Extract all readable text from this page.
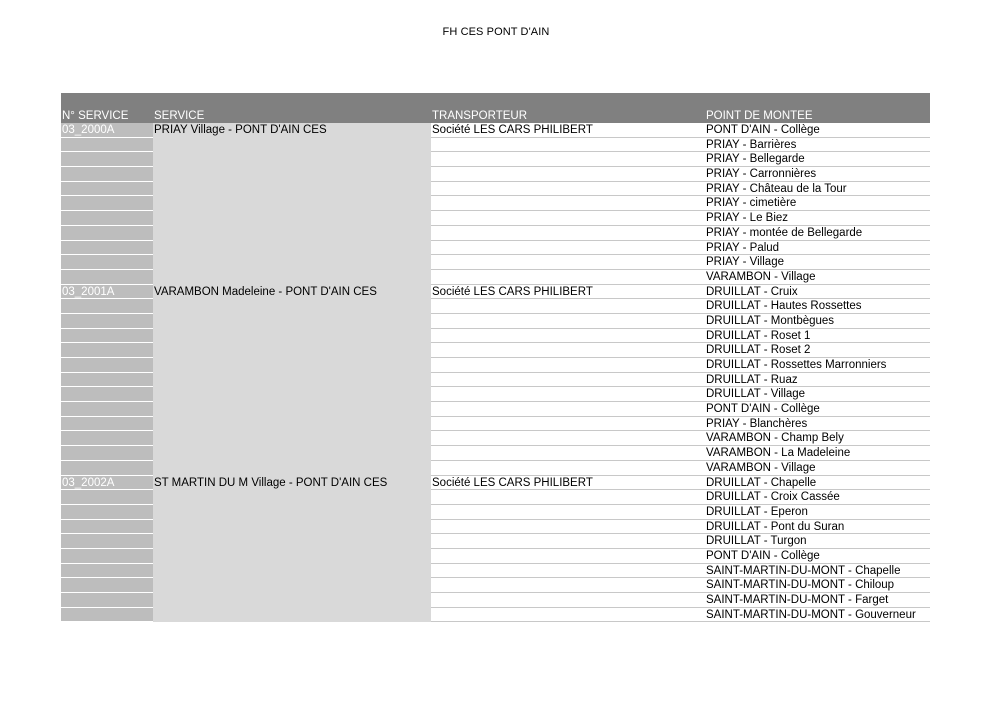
FH CES PONT D'AIN
N° SERVICE	SERVICE	TRANSPORTEUR	POINT DE MONTEE
03_2000A	PRIAY Village - PONT D'AIN CES	Société LES CARS PHILIBERT	PONT D'AIN - Collège
PRIAY - Barrières
PRIAY - Bellegarde
PRIAY - Carronnières
PRIAY - Château de la Tour
PRIAY - cimetière
PRIAY - Le Biez
PRIAY - montée de Bellegarde
PRIAY - Palud
PRIAY - Village
VARAMBON - Village
03_2001A	VARAMBON Madeleine - PONT D'AIN CES	Société LES CARS PHILIBERT	DRUILLAT - Cruix
DRUILLAT - Hautes Rossettes
DRUILLAT - Montbègues
DRUILLAT - Roset 1
DRUILLAT - Roset 2
DRUILLAT - Rossettes Marronniers
DRUILLAT - Ruaz
DRUILLAT - Village
PONT D'AIN - Collège
PRIAY - Blanchères
VARAMBON - Champ Bely
VARAMBON - La Madeleine
VARAMBON - Village
03_2002A	ST MARTIN DU M Village - PONT D'AIN CES	Société LES CARS PHILIBERT	DRUILLAT - Chapelle
DRUILLAT - Croix Cassée
DRUILLAT - Eperon
DRUILLAT - Pont du Suran
DRUILLAT - Turgon
PONT D'AIN - Collège
SAINT-MARTIN-DU-MONT - Chapelle
SAINT-MARTIN-DU-MONT - Chiloup
SAINT-MARTIN-DU-MONT - Farget
SAINT-MARTIN-DU-MONT - Gouverneur
